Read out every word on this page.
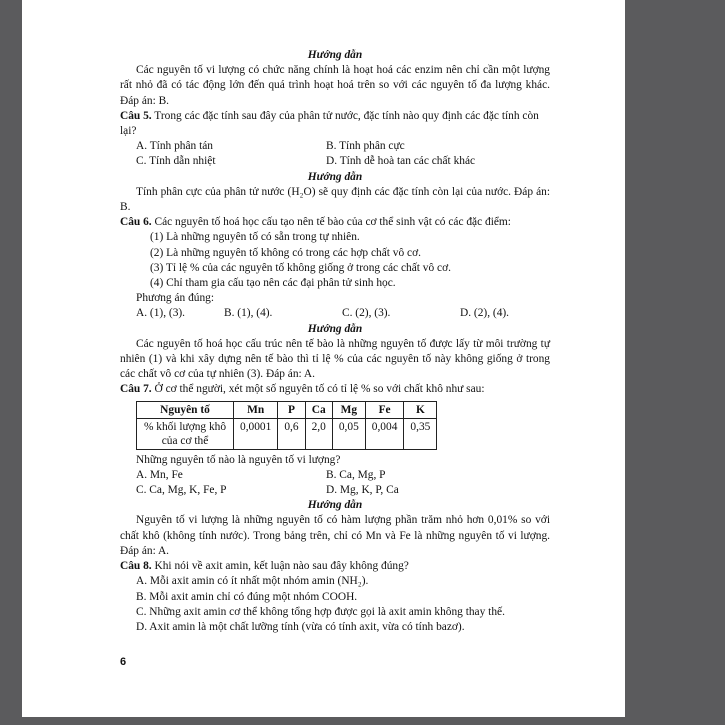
Hướng dẫn
Các nguyên tố vi lượng có chức năng chính là hoạt hoá các enzim nên chỉ cần một lượng rất nhỏ đã có tác động lớn đến quá trình hoạt hoá trên so với các nguyên tố đa lượng khác. Đáp án: B.
Câu 5. Trong các đặc tính sau đây của phân tử nước, đặc tính nào quy định các đặc tính còn lại?
A. Tính phân tán	B. Tính phân cực
C. Tính dẫn nhiệt	D. Tính dễ hoà tan các chất khác
Hướng dẫn
Tính phân cực của phân tử nước (H₂O) sẽ quy định các đặc tính còn lại của nước. Đáp án: B.
Câu 6. Các nguyên tố hoá học cấu tạo nên tế bào của cơ thể sinh vật có các đặc điểm:
(1) Là những nguyên tố có sẵn trong tự nhiên.
(2) Là những nguyên tố không có trong các hợp chất vô cơ.
(3) Tỉ lệ % của các nguyên tố không giống ở trong các chất vô cơ.
(4) Chỉ tham gia cấu tạo nên các đại phân tử sinh học.
Phương án đúng:
A. (1), (3).	B. (1), (4).	C. (2), (3).	D. (2), (4).
Hướng dẫn
Các nguyên tố hoá học cấu trúc nên tế bào là những nguyên tố được lấy từ môi trường tự nhiên (1) và khi xây dựng nên tế bào thì tỉ lệ % của các nguyên tố này không giống ở trong các chất vô cơ của tự nhiên (3). Đáp án: A.
Câu 7. Ở cơ thể người, xét một số nguyên tố có tỉ lệ % so với chất khô như sau:
Nguyên tố	Mn	P	Ca	Mg	Fe	K
% khối lượng khô của cơ thể	0,0001	0,6	2,0	0,05	0,004	0,35
Những nguyên tố nào là nguyên tố vi lượng?
A. Mn, Fe	B. Ca, Mg, P
C. Ca, Mg, K, Fe, P	D. Mg, K, P, Ca
Hướng dẫn
Nguyên tố vi lượng là những nguyên tố có hàm lượng phần trăm nhỏ hơn 0,01% so với chất khô (không tính nước). Trong bảng trên, chỉ có Mn và Fe là những nguyên tố vi lượng. Đáp án: A.
Câu 8. Khi nói về axit amin, kết luận nào sau đây không đúng?
A. Mỗi axit amin có ít nhất một nhóm amin (NH₂).
B. Mỗi axit amin chỉ có đúng một nhóm COOH.
C. Những axit amin cơ thể không tổng hợp được gọi là axit amin không thay thế.
D. Axit amin là một chất lưỡng tính (vừa có tính axit, vừa có tính bazơ).
6
